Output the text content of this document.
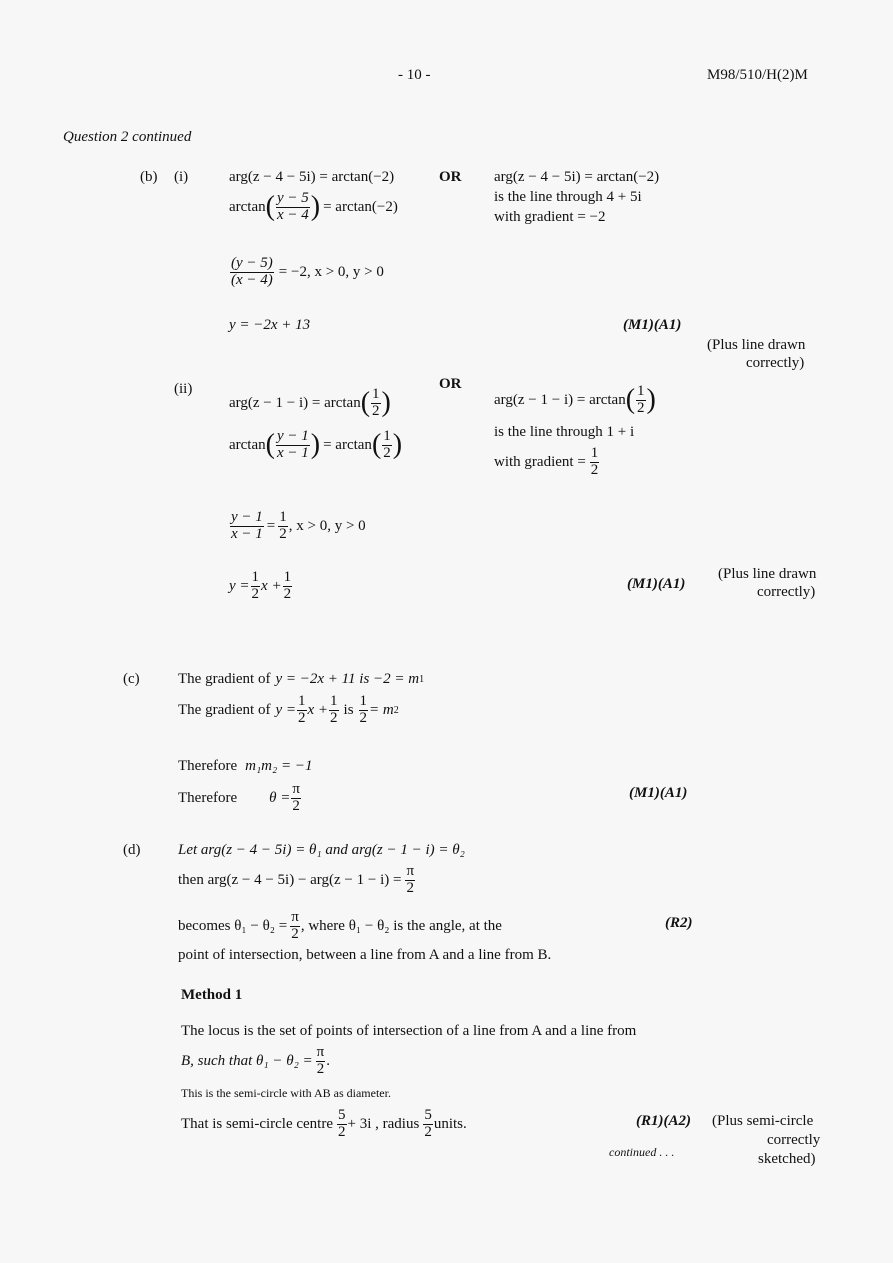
- 10 -	M98/510/H(2)M
Question 2 continued
(b) (i)	arg(z − 4 − 5i) = arctan(−2)
arctan ( $\frac{y - 5}{x - 4}$ ) = arctan(−2)
$\frac{(y - 5)}{(x - 4)} = -2$, x > 0, y > 0
y = −2x + 13
OR arg(z − 4 − 5i) = arctan(−2)
is the line through 4 + 5i
with gradient = −2
(M1)(A1)
(Plus line drawn
correctly)
(ii)
arg(z − 1 − i) = arctan ( $\frac{1}{2}$ )
arctan ( $\frac{y - 1}{x - 1}$ ) = arctan ( $\frac{1}{2}$ )
$\frac{y - 1}{x - 1} = \frac{1}{2}$ , x > 0, y > 0
$y = \frac{1}{2}$ $x + \frac{1}{2}$
OR
arg(z − 1 − i) = arctan ( $\frac{1}{2}$ )
is the line through 1 + i
with gradient = $\frac{1}{2}$
(M1)(A1)
(Plus line drawn
correctly)
(c)	The gradient of y = −2x + 11 is −2 = m 1
The gradient of $y = \frac{1}{2}$ $x + \frac{1}{2}$ is $\frac{1}{2} = m$ 2
Therefore m₁m₂ = −1
Therefore $\theta = \frac{\pi}{2}$	(M1)(A1)
(d)	Let arg(z − 4 − 5i) = θ₁ and arg(z − 1 − i) = θ₂
then $arg(z - 4 - 5i) - arg(z - 1 - i) = \frac{\pi}{2}$
becomes $\theta_1 - \theta_2 = \frac{\pi}{2}$ , where θ₁ − θ₂ is the angle, at the	(R2)
point of intersection, between a line from A and a line from B.
Method 1
The locus is the set of points of intersection of a line from A and a line from
B, such that $\theta_1 - \theta_2 = \frac{\pi}{2}$ .
This is the semi-circle with AB as diameter.
That is semi-circle centre $\frac{5}{2} + 3i$ , radius $\frac{5}{2}$ units.	(R1)(A2) (Plus semi-circle
correctly
sketched)
continued . . .
